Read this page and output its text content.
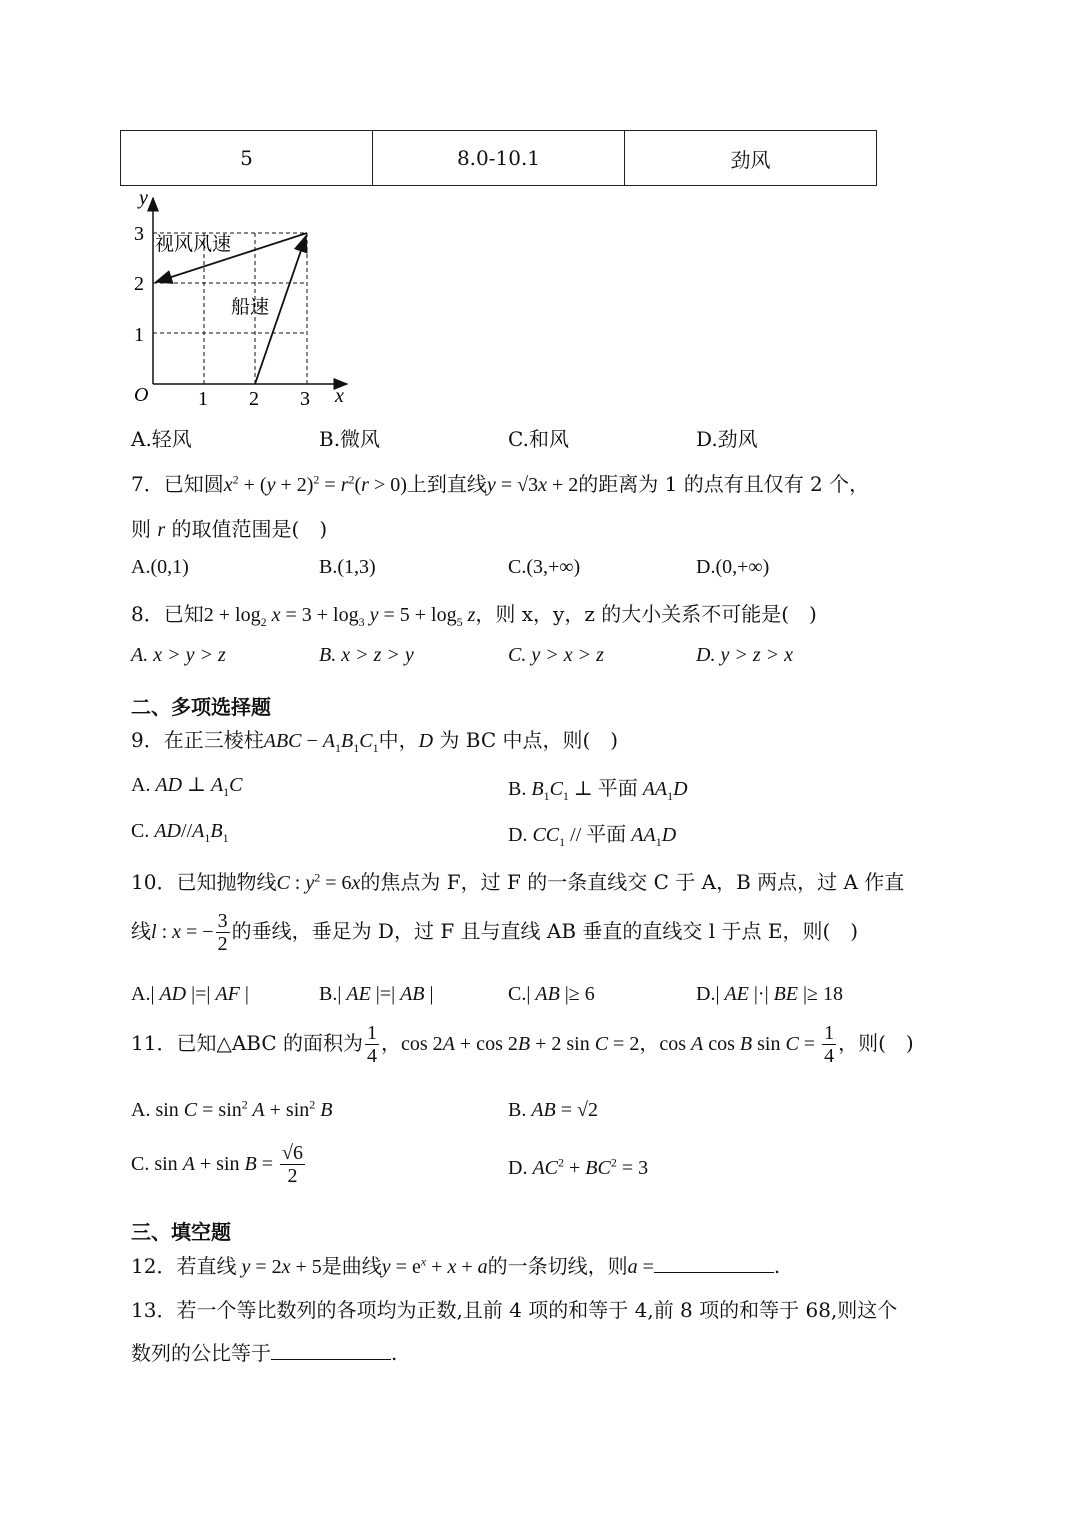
5	8.0-10.1	劲风
y
x
O 1 2 3
1
2
3 视风风速
船速
A.轻风	B.微风	C.和风	D.劲风
7．已知圆$x^2 + (y + 2)^2 = r^2(r > 0)$上到直线y = √3x + 2的距离为 1 的点有且仅有 2 个，
则 r 的取值范围是(　)
A.(0,1)	B.(1,3)	C.(3,+∞)	D.(0,+∞)
8．已知$2 + \log_2 x = 3 + \log_3 y = 5 + \log_5 z$，则 x，y，z 的大小关系不可能是(　)
A. x > y > z	B. x > z > y	C. y > x > z	D. y > z > x
二、多项选择题
9．在正三棱柱ABC − $A_1B_1C_1$中，D 为 BC 中点，则(　)
A. AD ⊥ $A_1C$	B. $B_1C_1$ ⊥ 平面 $AA_1D$
C. $AD//A_1B_1$	D. $CC_1$ // 平面 $AA_1D$
10．已知抛物线C : $y^2 = 6x$的焦点为 F，过 F 的一条直线交 C 于 A，B 两点，过 A 作直
线l : x = − $\frac{3}{2}$ 的垂线，垂足为 D，过 F 且与直线 AB 垂直的直线交 l 于点 E，则(　)
A.| AD |=| AF |	B.| AE |=| AB |	C.| AB |≥ 6	D.| AE |·| BE |≥ 18
11．已知△ABC 的面积为 $\frac{1}{4}$ ，cos 2A + cos 2B + 2 sin C = 2，cos A cos B $\sin C = \frac{1}{4}$ ，则(　)
A. $\sin C = \sin^2 A + \sin^2 B$	B. AB = √2
C. $\sin A + \sin B = \frac{√6}{2}$	D. $AC^2 + BC^2 = 3$
三、填空题
12．若直线 y = 2x + 5是曲线$y = e^x + x + a$的一条切线，则a =	.
13．若一个等比数列的各项均为正数,且前 4 项的和等于 4,前 8 项的和等于 68,则这个
数列的公比等于	.
